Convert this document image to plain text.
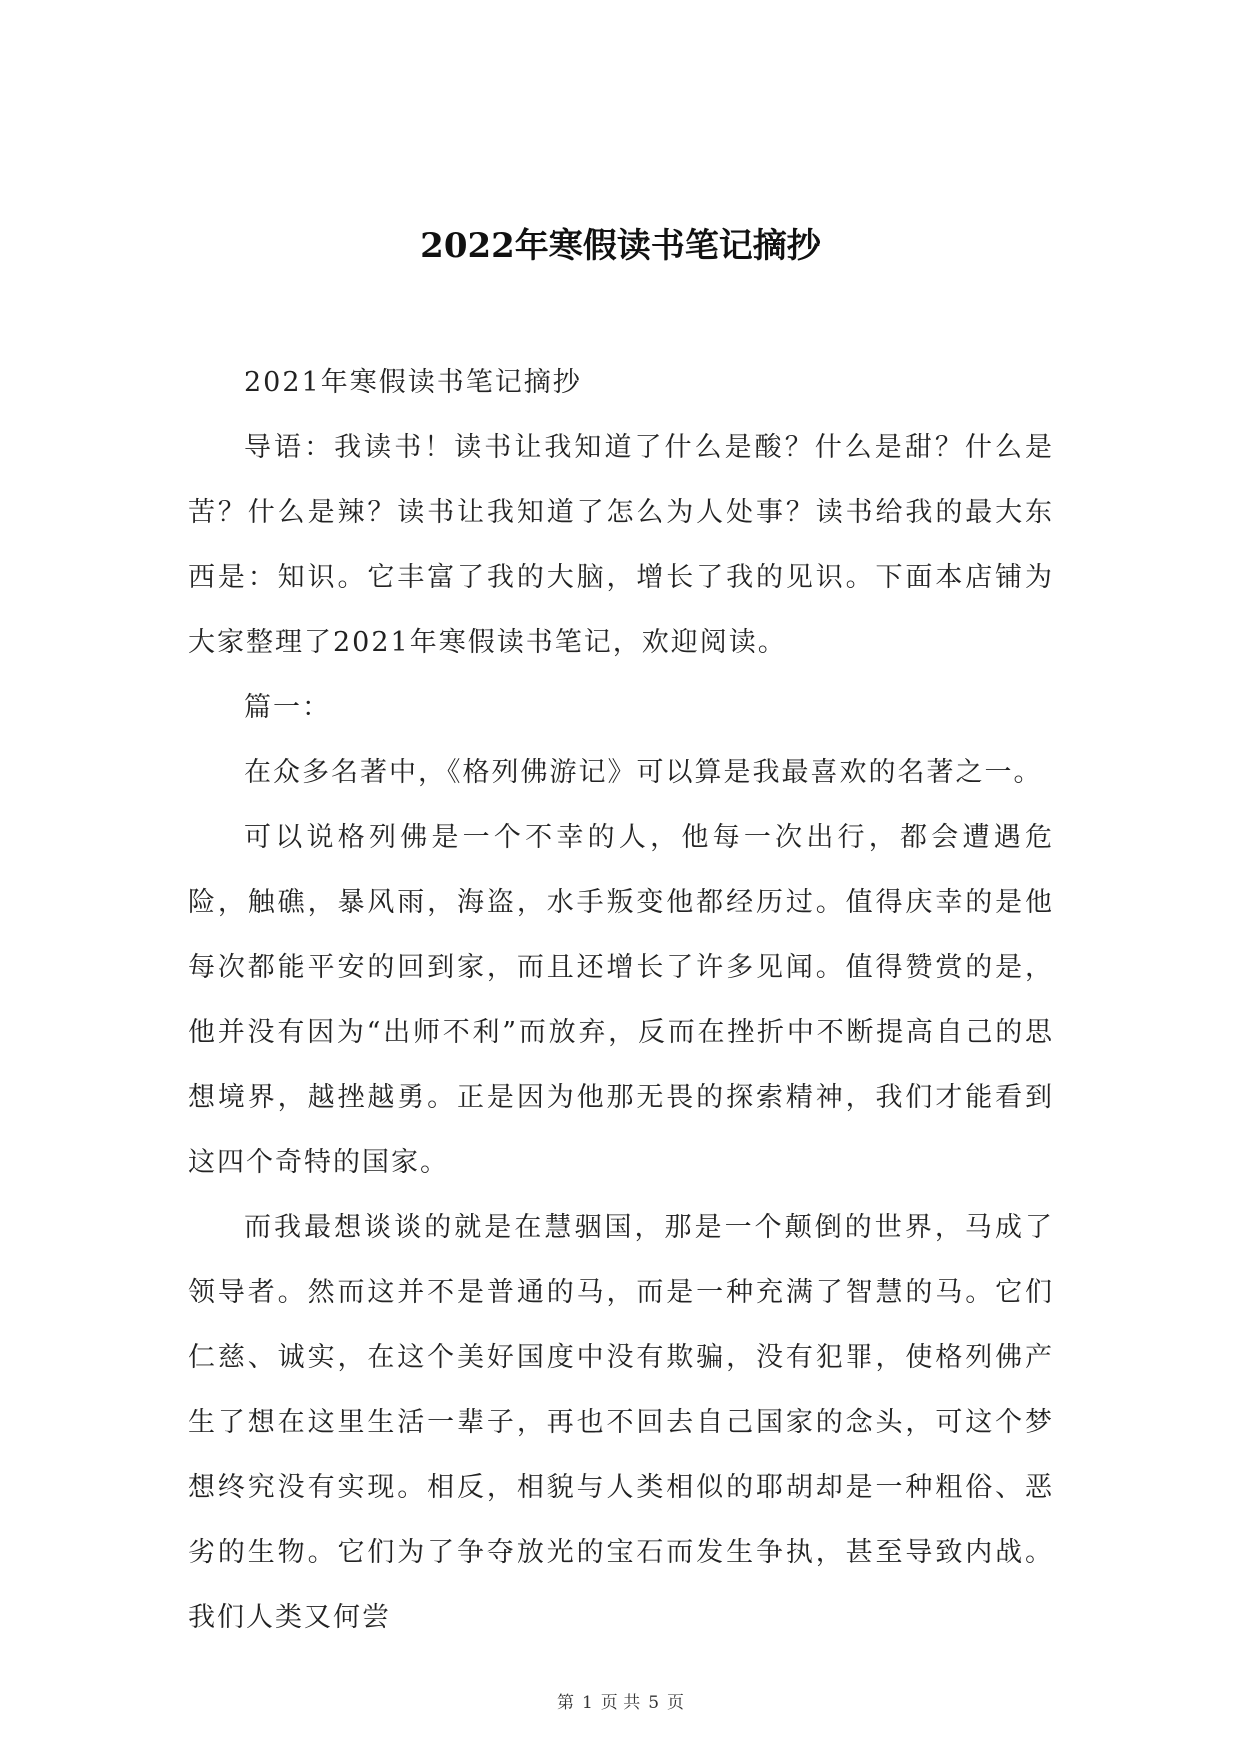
2022年寒假读书笔记摘抄

2021年寒假读书笔记摘抄

导语：我读书！读书让我知道了什么是酸？什么是甜？什么是苦？什么是辣？读书让我知道了怎么为人处事？读书给我的最大东西是：知识。它丰富了我的大脑，增长了我的见识。下面本店铺为大家整理了2021年寒假读书笔记，欢迎阅读。

篇一：

在众多名著中，《格列佛游记》可以算是我最喜欢的名著之一。

可以说格列佛是一个不幸的人，他每一次出行，都会遭遇危险，触礁，暴风雨，海盗，水手叛变他都经历过。值得庆幸的是他每次都能平安的回到家，而且还增长了许多见闻。值得赞赏的是，他并没有因为“出师不利”而放弃，反而在挫折中不断提高自己的思想境界，越挫越勇。正是因为他那无畏的探索精神，我们才能看到这四个奇特的国家。

而我最想谈谈的就是在慧骃国，那是一个颠倒的世界，马成了领导者。然而这并不是普通的马，而是一种充满了智慧的马。它们仁慈、诚实，在这个美好国度中没有欺骗，没有犯罪，使格列佛产生了想在这里生活一辈子，再也不回去自己国家的念头，可这个梦想终究没有实现。相反，相貌与人类相似的耶胡却是一种粗俗、恶劣的生物。它们为了争夺放光的宝石而发生争执，甚至导致内战。我们人类又何尝

第 1 页 共 5 页
